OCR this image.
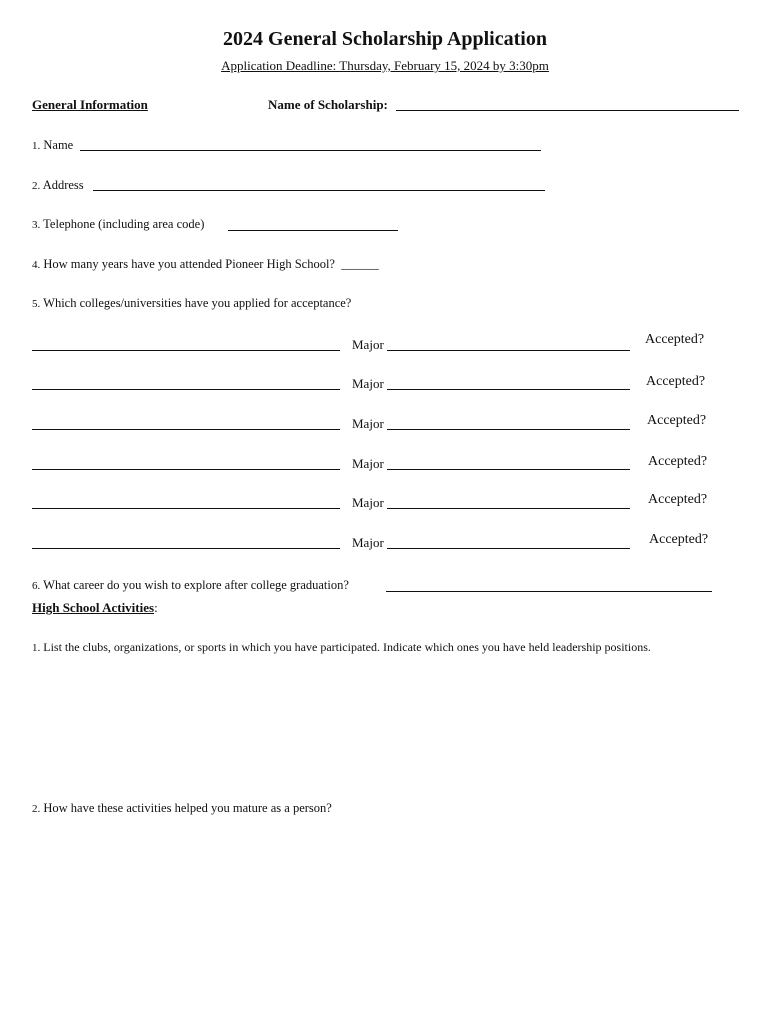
2024 General Scholarship Application
Application Deadline: Thursday, February 15, 2024 by 3:30pm
General Information	Name of Scholarship:
1. Name
2. Address
3. Telephone (including area code)
4. How many years have you attended Pioneer High School? ______
5. Which colleges/universities have you applied for acceptance?
Major	Accepted?
Major	Accepted?
Major	Accepted?
Major	Accepted?
Major	Accepted?
Major	Accepted?
6. What career do you wish to explore after college graduation?
High School Activities:
1. List the clubs, organizations, or sports in which you have participated. Indicate which ones you have held leadership positions.
2. How have these activities helped you mature as a person?
